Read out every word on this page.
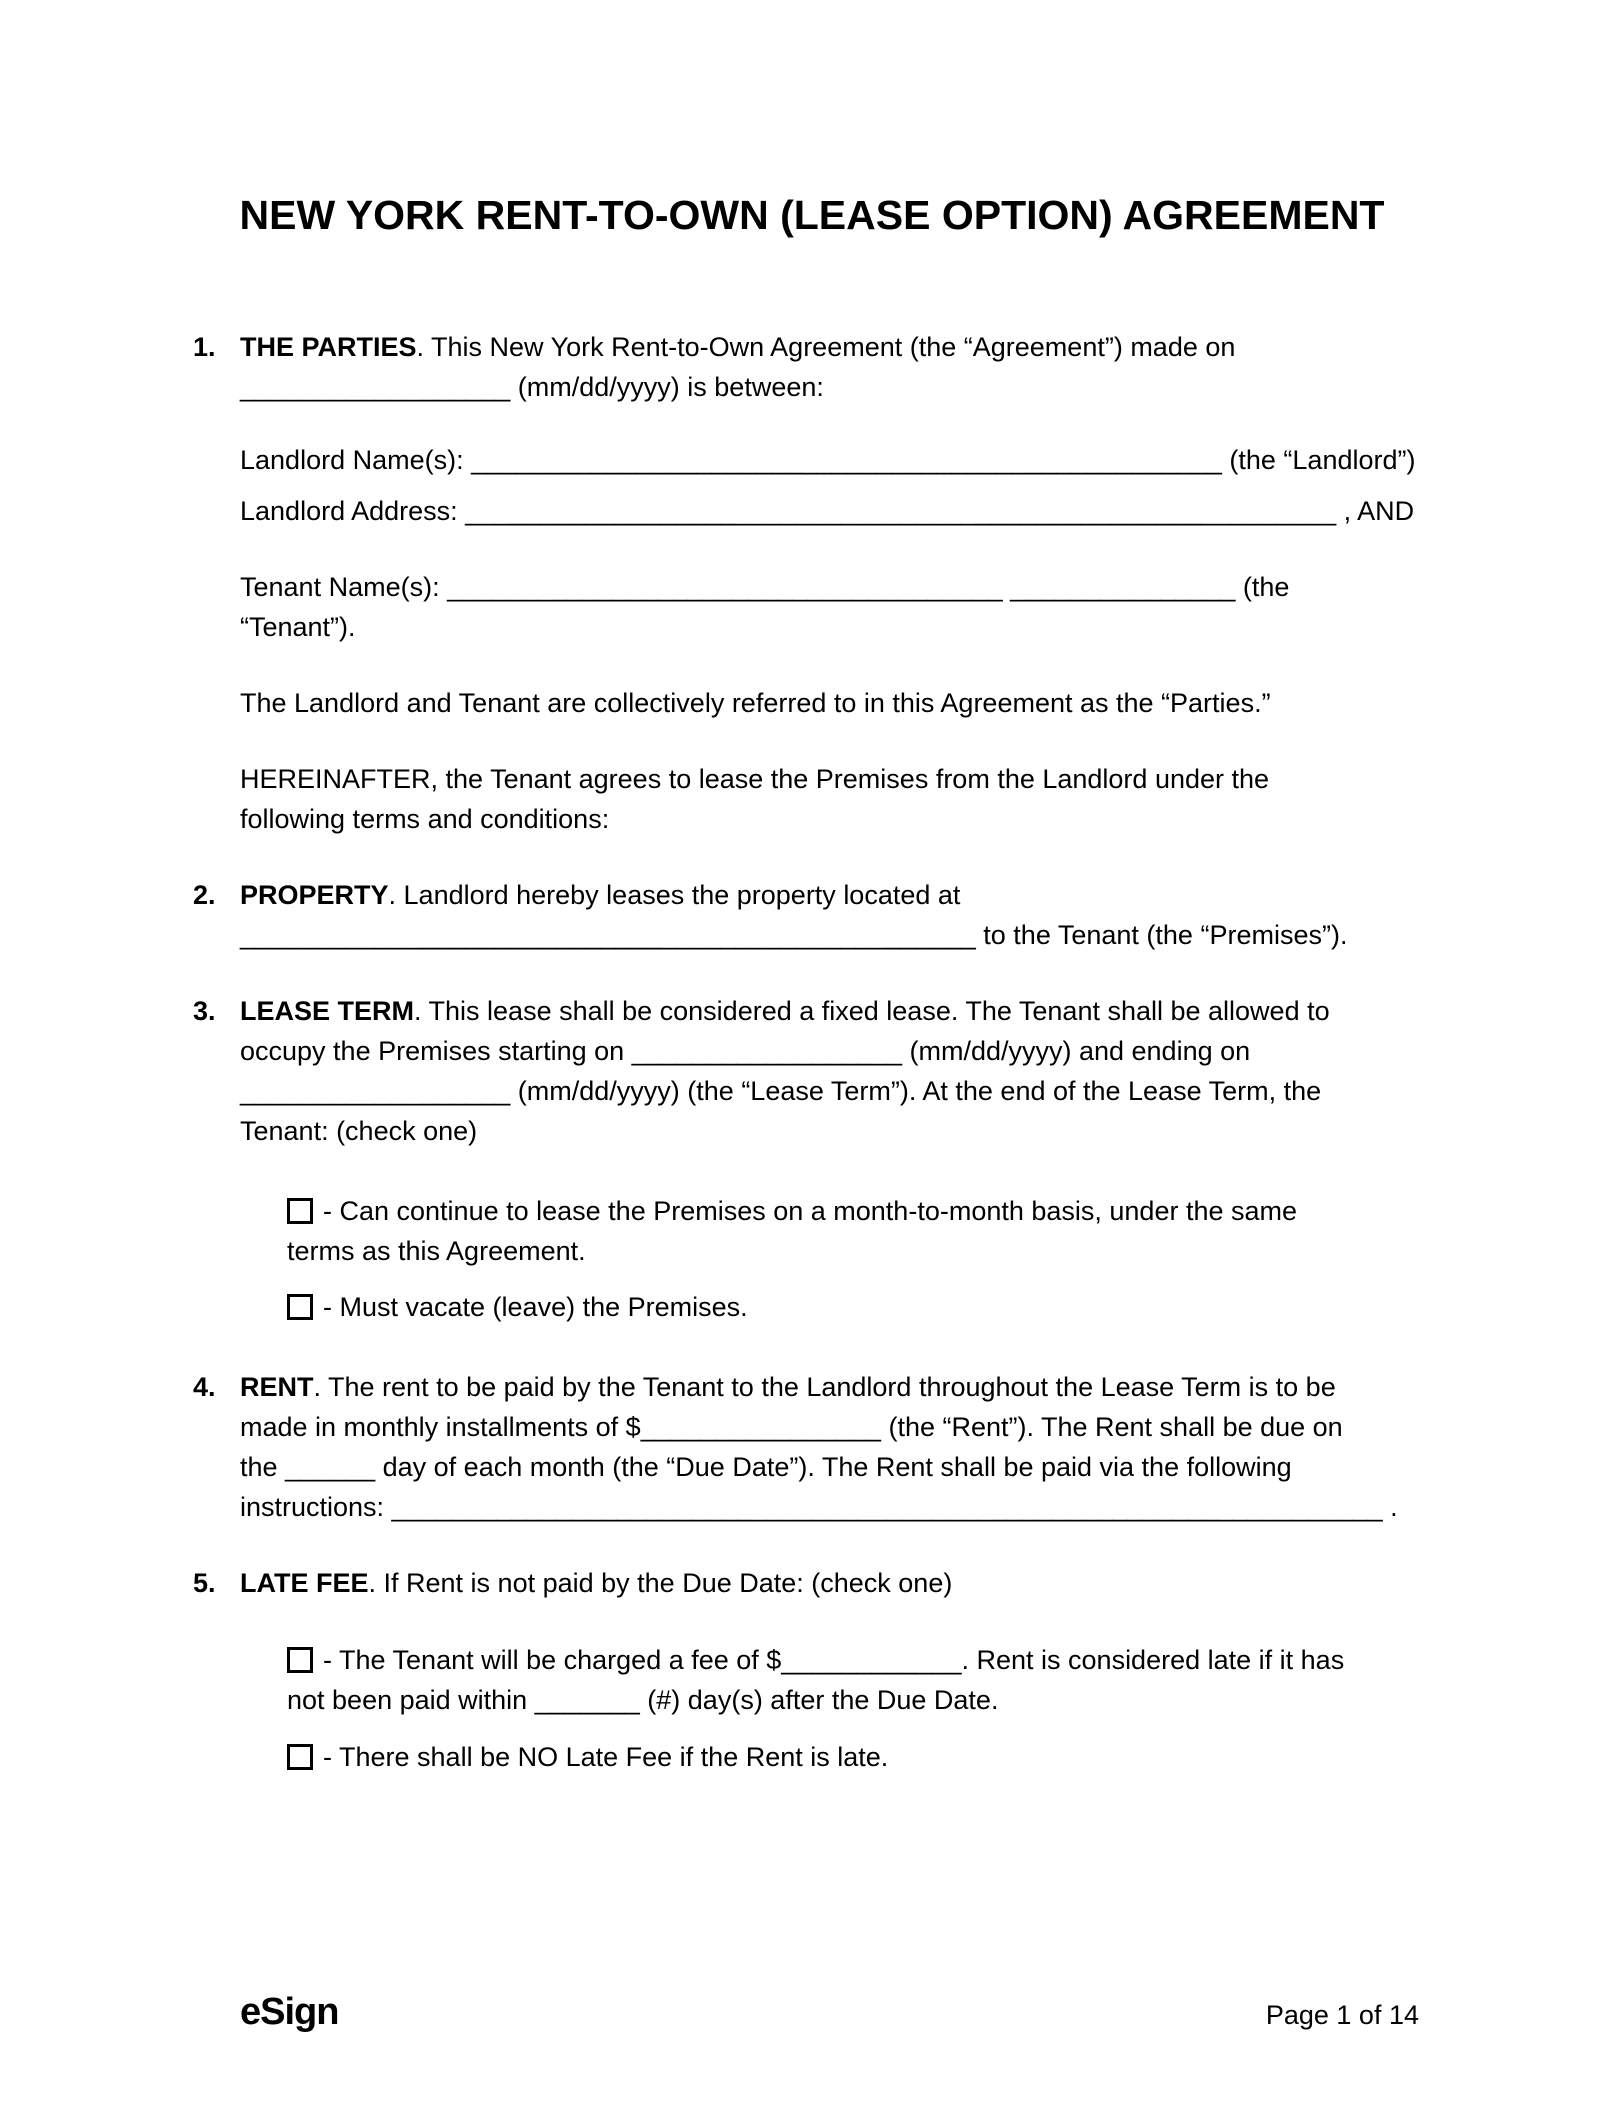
NEW YORK RENT-TO-OWN (LEASE OPTION) AGREEMENT
1. THE PARTIES. This New York Rent-to-Own Agreement (the “Agreement”) made on
__________________ (mm/dd/yyyy) is between:
Landlord Name(s): __________________________________________________ (the “Landlord”)
Landlord Address: __________________________________________________________ , AND
Tenant Name(s): _____________________________________ _______________ (the
“Tenant”).
The Landlord and Tenant are collectively referred to in this Agreement as the “Parties.”
HEREINAFTER, the Tenant agrees to lease the Premises from the Landlord under the
following terms and conditions:
2. PROPERTY. Landlord hereby leases the property located at
_________________________________________________ to the Tenant (the “Premises”).
3. LEASE TERM. This lease shall be considered a fixed lease. The Tenant shall be allowed to
occupy the Premises starting on __________________ (mm/dd/yyyy) and ending on
__________________ (mm/dd/yyyy) (the “Lease Term”). At the end of the Lease Term, the
Tenant: (check one)
- Can continue to lease the Premises on a month-to-month basis, under the same
terms as this Agreement.
- Must vacate (leave) the Premises.
4. RENT. The rent to be paid by the Tenant to the Landlord throughout the Lease Term is to be
made in monthly installments of $________________ (the “Rent”). The Rent shall be due on
the ______ day of each month (the “Due Date”). The Rent shall be paid via the following
instructions: __________________________________________________________________ .
5. LATE FEE. If Rent is not paid by the Due Date: (check one)
- The Tenant will be charged a fee of $____________. Rent is considered late if it has
not been paid within _______ (#) day(s) after the Due Date.
- There shall be NO Late Fee if the Rent is late.
eSign	Page 1 of 14
